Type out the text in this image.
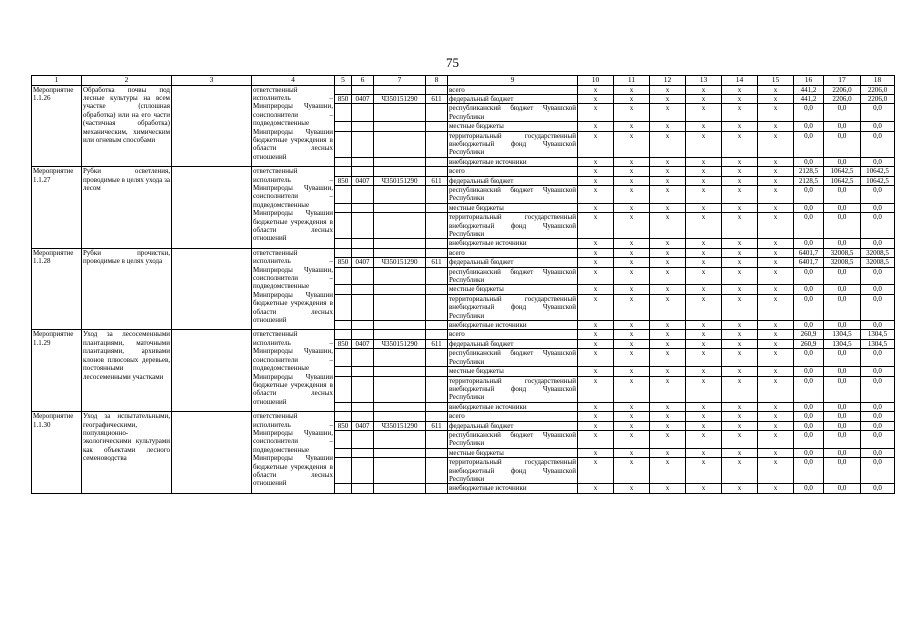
75
1	2	3	4	5	6	7	8	9	10	11	12	13	14	15	16	17	18
Мероприятие 1.1.26	Обработка почвы под лесные культуры на всем участке (сплошная обработка) или на его части (частичная обработка) механическим, химическим или огневым способами		ответственный исполнитель – Минприроды Чувашии, соисполнители – подведомственные Минприроды Чувашии бюджетные учреждения в области лесных отношений					всего	x	x	x	x	x	x	441,2	2206,0	2206,0
				850	0407	Ч350151290	611	федеральный бюджет	x	x	x	x	x	x	441,2	2206,0	2206,0
								республиканский бюджет Чувашской Республики	x	x	x	x	x	x	0,0	0,0	0,0
								местные бюджеты	x	x	x	x	x	x	0,0	0,0	0,0
								территориальный государственный внебюджетный фонд Чувашской Республики	x	x	x	x	x	x	0,0	0,0	0,0
								внебюджетные источники	x	x	x	x	x	x	0,0	0,0	0,0
Мероприятие 1.1.27	Рубки осветления, проводимые в целях ухода за лесом		ответственный исполнитель – Минприроды Чувашии, соисполнители – подведомственные Минприроды Чувашии бюджетные учреждения в области лесных отношений					всего	x	x	x	x	x	x	2128,5	10642,5	10642,5
				850	0407	Ч350151290	611	федеральный бюджет	x	x	x	x	x	x	2128,5	10642,5	10642,5
								республиканский бюджет Чувашской Республики	x	x	x	x	x	x	0,0	0,0	0,0
								местные бюджеты	x	x	x	x	x	x	0,0	0,0	0,0
								территориальный государственный внебюджетный фонд Чувашской Республики	x	x	x	x	x	x	0,0	0,0	0,0
								внебюджетные источники	x	x	x	x	x	x	0,0	0,0	0,0
Мероприятие 1.1.28	Рубки прочистки, проводимые в целях ухода		ответственный исполнитель – Минприроды Чувашии, соисполнители – подведомственные Минприроды Чувашии бюджетные учреждения в области лесных отношений					всего	x	x	x	x	x	x	6401,7	32008,5	32008,5
				850	0407	Ч350151290	611	федеральный бюджет	x	x	x	x	x	x	6401,7	32008,5	32008,5
								республиканский бюджет Чувашской Республики	x	x	x	x	x	x	0,0	0,0	0,0
								местные бюджеты	x	x	x	x	x	x	0,0	0,0	0,0
								территориальный государственный внебюджетный фонд Чувашской Республики	x	x	x	x	x	x	0,0	0,0	0,0
								внебюджетные источники	x	x	x	x	x	x	0,0	0,0	0,0
Мероприятие 1.1.29	Уход за лесосеменными плантациями, маточными плантациями, архивами клонов плюсовых деревьев, постоянными лесосеменными участками		ответственный исполнитель – Минприроды Чувашии, соисполнители – подведомственные Минприроды Чувашии бюджетные учреждения в области лесных отношений					всего	x	x	x	x	x	x	260,9	1304,5	1304,5
				850	0407	Ч350151290	611	федеральный бюджет	x	x	x	x	x	x	260,9	1304,5	1304,5
								республиканский бюджет Чувашской Республики	x	x	x	x	x	x	0,0	0,0	0,0
								местные бюджеты	x	x	x	x	x	x	0,0	0,0	0,0
								территориальный государственный внебюджетный фонд Чувашской Республики	x	x	x	x	x	x	0,0	0,0	0,0
								внебюджетные источники	x	x	x	x	x	x	0,0	0,0	0,0
Мероприятие 1.1.30	Уход за испытательными, географическими, популяционно-экологическими культурами как объектами лесного семеноводства		ответственный исполнитель – Минприроды Чувашии, соисполнители – подведомственные Минприроды Чувашии бюджетные учреждения в области лесных отношений					всего	x	x	x	x	x	x	0,0	0,0	0,0
				850	0407	Ч350151290	611	федеральный бюджет	x	x	x	x	x	x	0,0	0,0	0,0
								республиканский бюджет Чувашской Республики	x	x	x	x	x	x	0,0	0,0	0,0
								местные бюджеты	x	x	x	x	x	x	0,0	0,0	0,0
								территориальный государственный внебюджетный фонд Чувашской Республики	x	x	x	x	x	x	0,0	0,0	0,0
								внебюджетные источники	x	x	x	x	x	x	0,0	0,0	0,0
